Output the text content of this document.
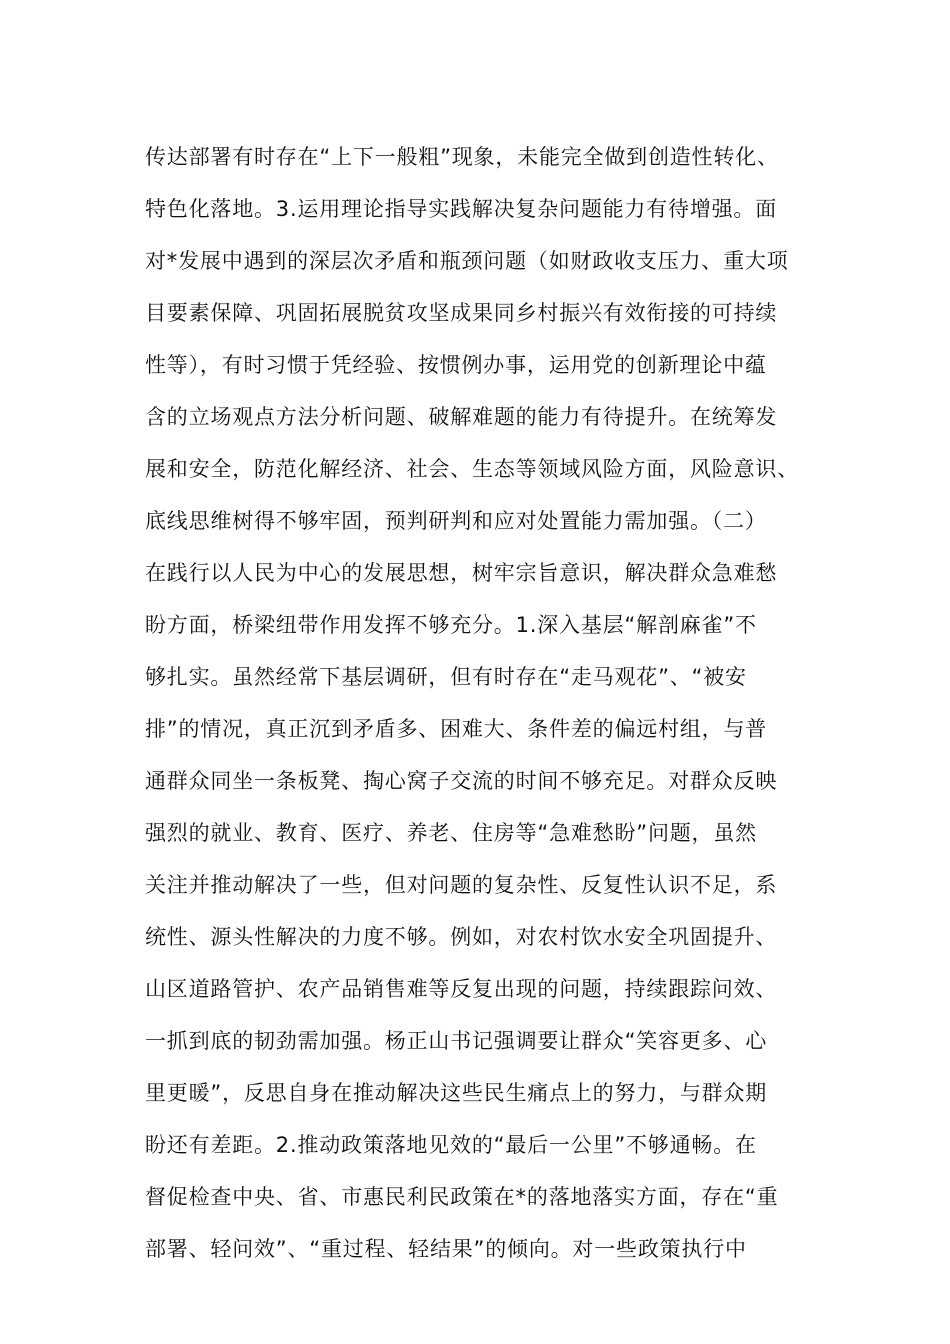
传达部署有时存在“上下一般粗”现象，未能完全做到创造性转化、
特色化落地。3.运用理论指导实践解决复杂问题能力有待增强。面
对*发展中遇到的深层次矛盾和瓶颈问题（如财政收支压力、重大项
目要素保障、巩固拓展脱贫攻坚成果同乡村振兴有效衔接的可持续
性等），有时习惯于凭经验、按惯例办事，运用党的创新理论中蕴
含的立场观点方法分析问题、破解难题的能力有待提升。在统筹发
展和安全，防范化解经济、社会、生态等领域风险方面，风险意识、
底线思维树得不够牢固，预判研判和应对处置能力需加强。（二）
在践行以人民为中心的发展思想，树牢宗旨意识，解决群众急难愁
盼方面，桥梁纽带作用发挥不够充分。1.深入基层“解剖麻雀”不
够扎实。虽然经常下基层调研，但有时存在“走马观花”、“被安
排”的情况，真正沉到矛盾多、困难大、条件差的偏远村组，与普
通群众同坐一条板凳、掏心窝子交流的时间不够充足。对群众反映
强烈的就业、教育、医疗、养老、住房等“急难愁盼”问题，虽然
关注并推动解决了一些，但对问题的复杂性、反复性认识不足，系
统性、源头性解决的力度不够。例如，对农村饮水安全巩固提升、
山区道路管护、农产品销售难等反复出现的问题，持续跟踪问效、
一抓到底的韧劲需加强。杨正山书记强调要让群众“笑容更多、心
里更暖”，反思自身在推动解决这些民生痛点上的努力，与群众期
盼还有差距。2.推动政策落地见效的“最后一公里”不够通畅。在
督促检查中央、省、市惠民利民政策在*的落地落实方面，存在“重
部署、轻问效”、“重过程、轻结果”的倾向。对一些政策执行中
